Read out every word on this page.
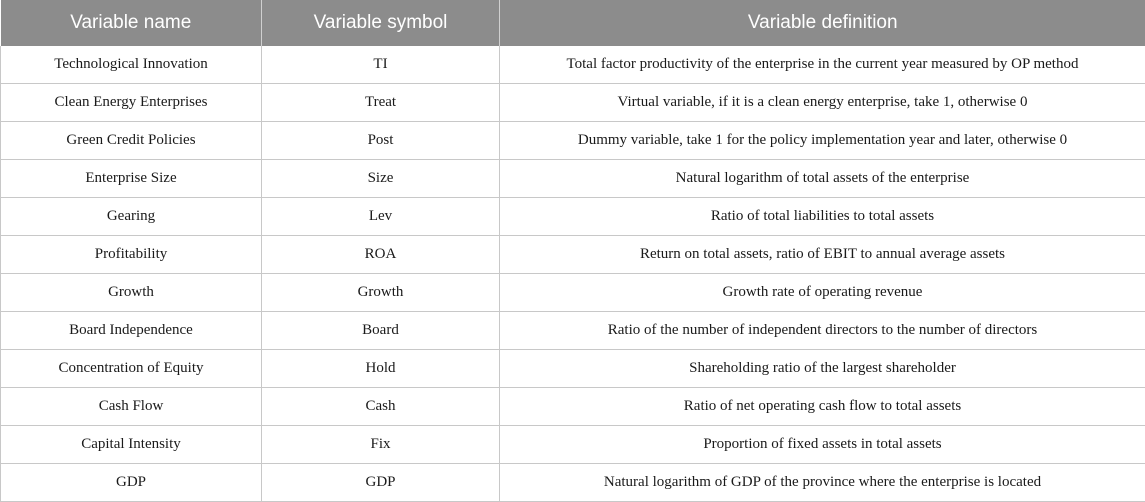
Variable name	Variable symbol	Variable definition
Technological Innovation	TI	Total factor productivity of the enterprise in the current year measured by OP method
Clean Energy Enterprises	Treat	Virtual variable, if it is a clean energy enterprise, take 1, otherwise 0
Green Credit Policies	Post	Dummy variable, take 1 for the policy implementation year and later, otherwise 0
Enterprise Size	Size	Natural logarithm of total assets of the enterprise
Gearing	Lev	Ratio of total liabilities to total assets
Profitability	ROA	Return on total assets, ratio of EBIT to annual average assets
Growth	Growth	Growth rate of operating revenue
Board Independence	Board	Ratio of the number of independent directors to the number of directors
Concentration of Equity	Hold	Shareholding ratio of the largest shareholder
Cash Flow	Cash	Ratio of net operating cash flow to total assets
Capital Intensity	Fix	Proportion of fixed assets in total assets
GDP	GDP	Natural logarithm of GDP of the province where the enterprise is located
